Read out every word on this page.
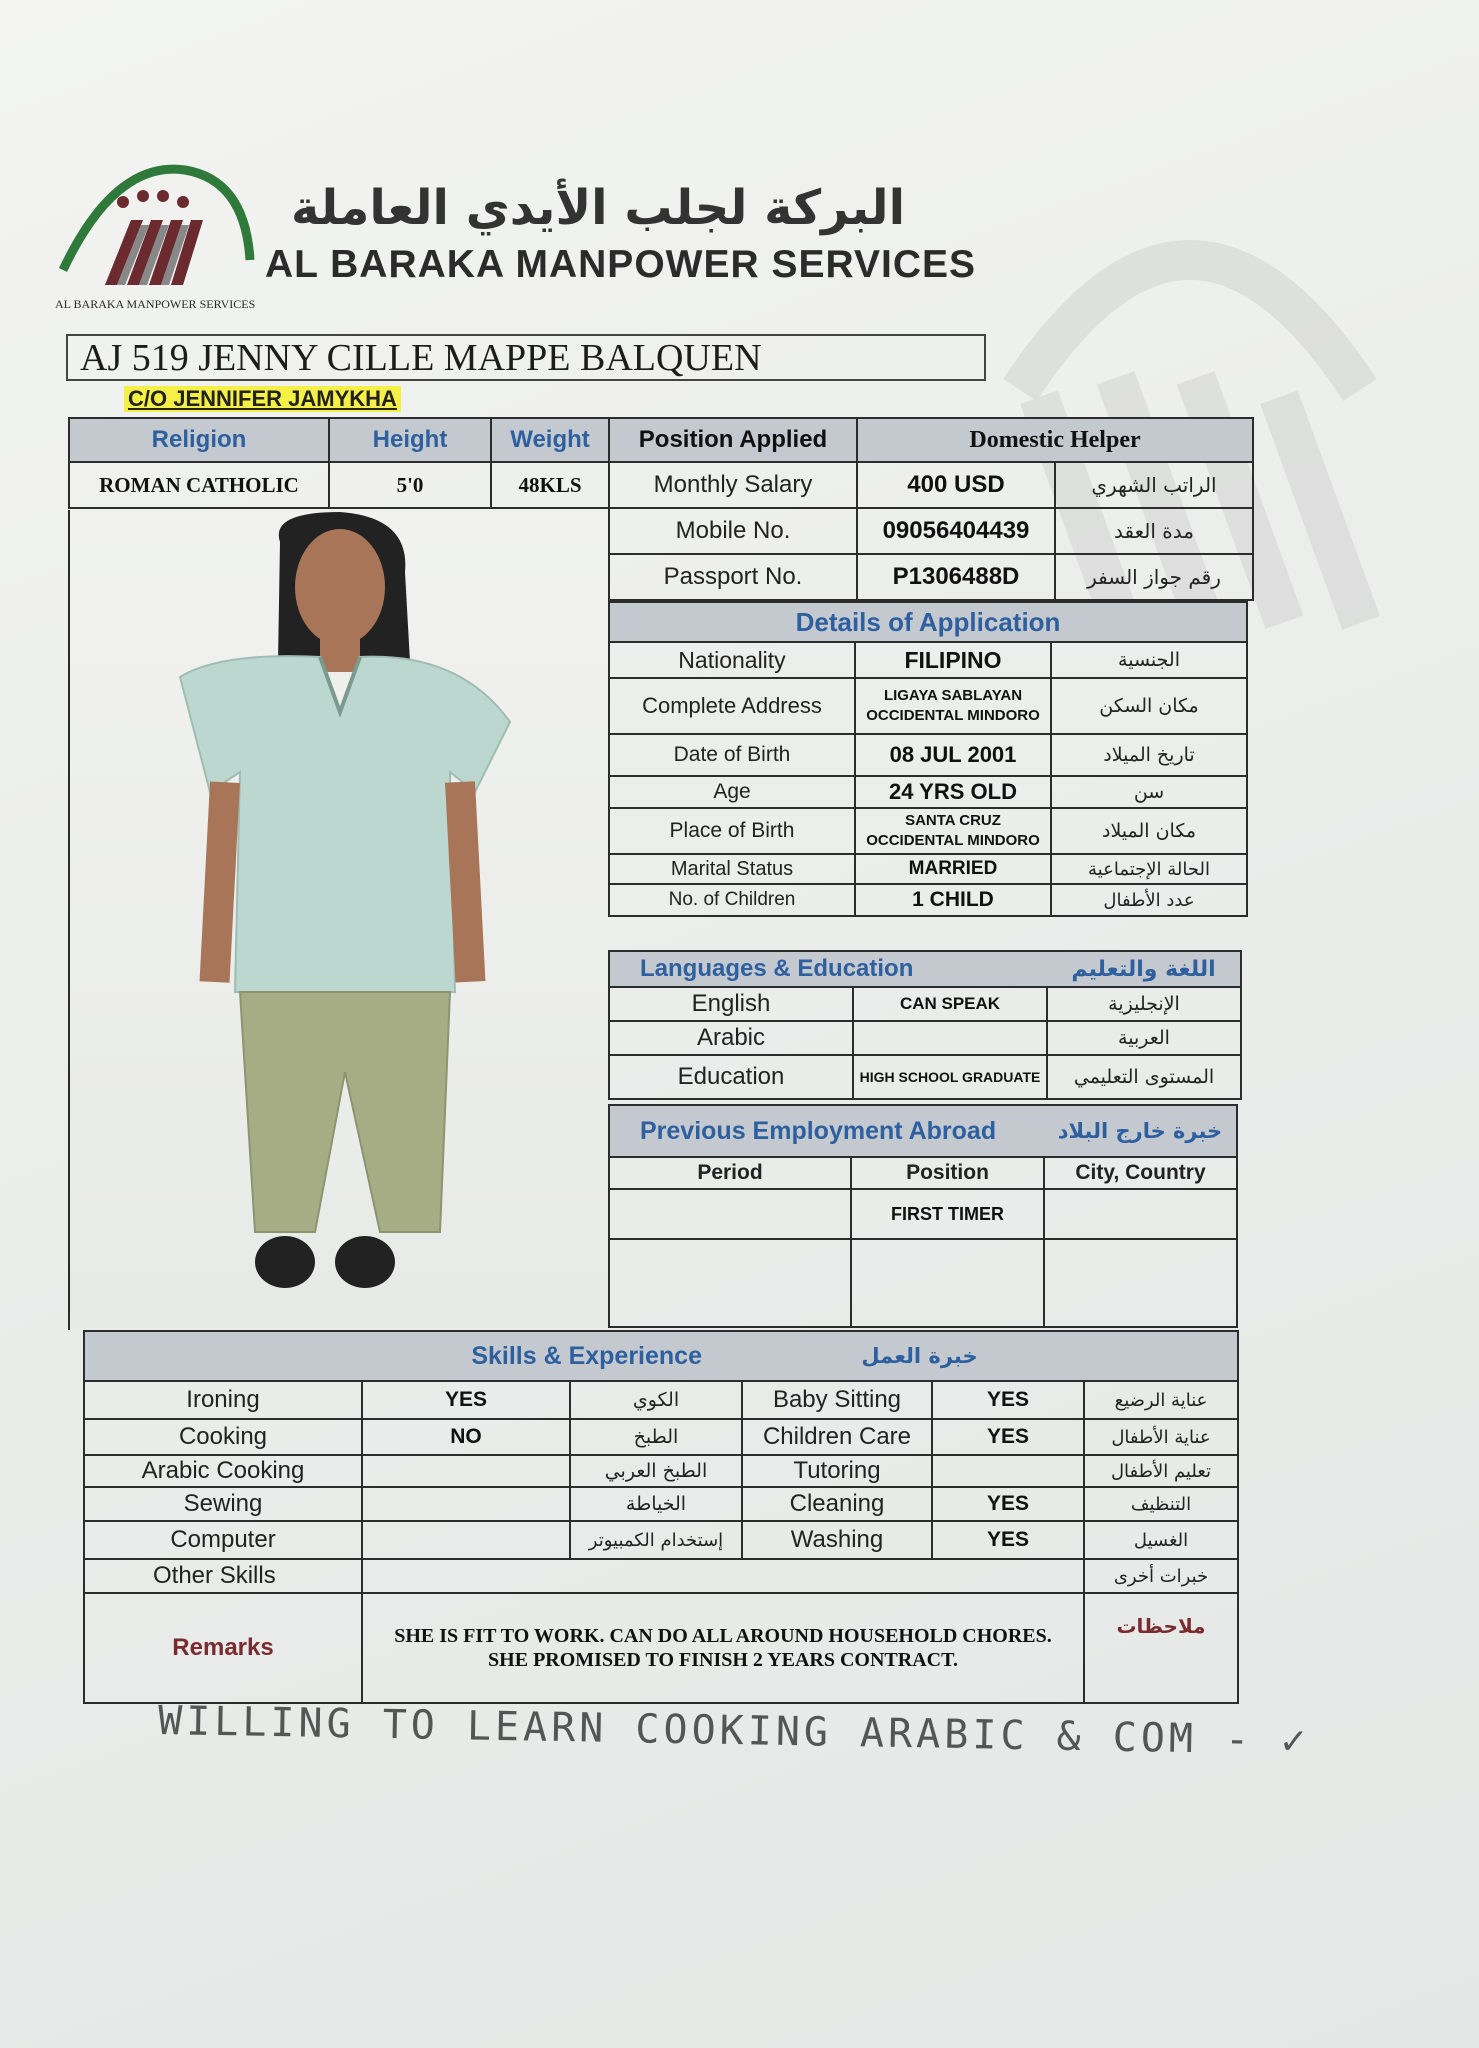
AL BARAKA MANPOWER SERVICES
البركة لجلب الأيدي العاملة
AL BARAKA MANPOWER SERVICES
AJ 519 JENNY CILLE MAPPE BALQUEN
C/O JENNIFER JAMYKHA
Religion	Height	Weight
ROMAN CATHOLIC	5'0	48KLS
Position Applied	Domestic Helper	
Monthly Salary	400 USD	الراتب الشهري
Mobile No.	09056404439	مدة العقد
Passport No.	P1306488D	رقم جواز السفر
Details of Application		
Nationality	FILIPINO	الجنسية
Complete Address	LIGAYA SABLAYAN OCCIDENTAL MINDORO	مكان السكن
Date of Birth	08 JUL 2001	تاريخ الميلاد
Age	24 YRS OLD	سن
Place of Birth	SANTA CRUZ OCCIDENTAL MINDORO	مكان الميلاد
Marital Status	MARRIED	الحالة الإجتماعية
No. of Children	1 CHILD	عدد الأطفال
Languages & Education		اللغة والتعليم
English	CAN SPEAK	الإنجليزية
Arabic		العربية
Education	HIGH SCHOOL GRADUATE	المستوى التعليمي
Previous Employment Abroad		خبرة خارج البلاد
Period	Position	City, Country
	FIRST TIMER	

Skills & Experience			خبرة العمل		
Ironing	YES	الكوي	Baby Sitting	YES	عناية الرضيع
Cooking	NO	الطبخ	Children Care	YES	عناية الأطفال
Arabic Cooking		الطبخ العربي	Tutoring		تعليم الأطفال
Sewing		الخياطة	Cleaning	YES	التنظيف
Computer		إستخدام الكمبيوتر	Washing	YES	الغسيل
Other Skills					خبرات أخرى
Remarks	SHE IS FIT TO WORK. CAN DO ALL AROUND HOUSEHOLD CHORES. SHE PROMISED TO FINISH 2 YEARS CONTRACT.				ملاحظات
WILLING TO LEARN COOKING ARABIC & COM - ✓
